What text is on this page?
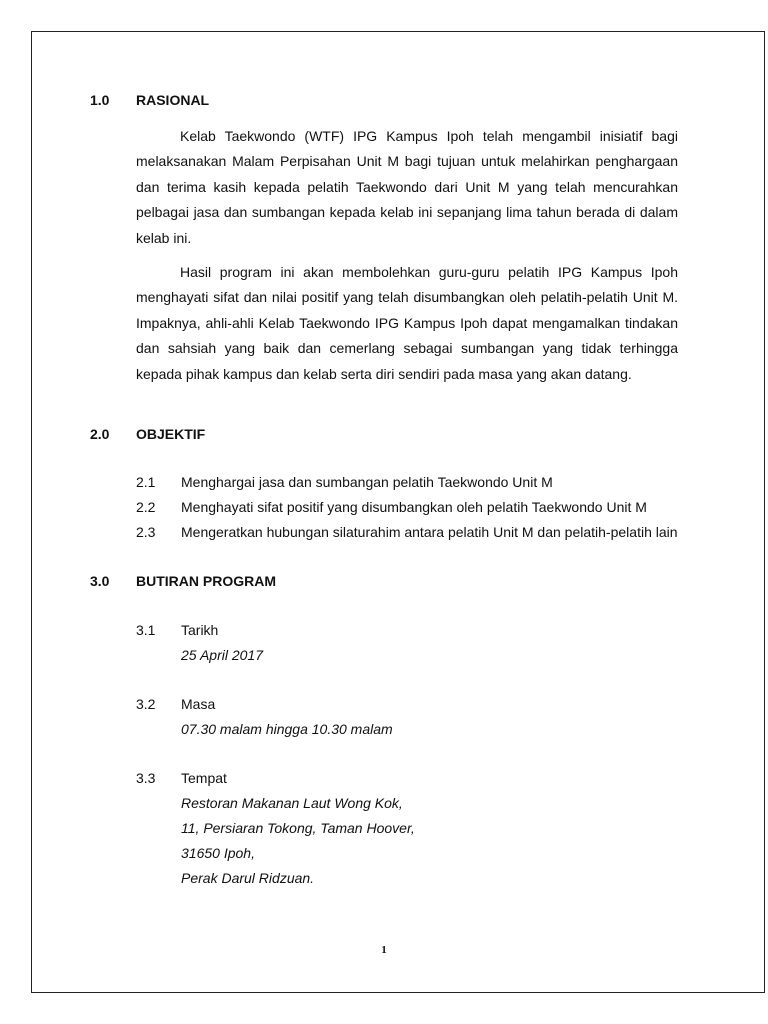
1.0 RASIONAL

Kelab Taekwondo (WTF) IPG Kampus Ipoh telah mengambil inisiatif bagi melaksanakan Malam Perpisahan Unit M bagi tujuan untuk melahirkan penghargaan dan terima kasih kepada pelatih Taekwondo dari Unit M yang telah mencurahkan pelbagai jasa dan sumbangan kepada kelab ini sepanjang lima tahun berada di dalam kelab ini.

Hasil program ini akan membolehkan guru-guru pelatih IPG Kampus Ipoh menghayati sifat dan nilai positif yang telah disumbangkan oleh pelatih-pelatih Unit M. Impaknya, ahli-ahli Kelab Taekwondo IPG Kampus Ipoh dapat mengamalkan tindakan dan sahsiah yang baik dan cemerlang sebagai sumbangan yang tidak terhingga kepada pihak kampus dan kelab serta diri sendiri pada masa yang akan datang.

2.0 OBJEKTIF
2.1 Menghargai jasa dan sumbangan pelatih Taekwondo Unit M
2.2 Menghayati sifat positif yang disumbangkan oleh pelatih Taekwondo Unit M
2.3 Mengeratkan hubungan silaturahim antara pelatih Unit M dan pelatih-pelatih lain
3.0 BUTIRAN PROGRAM
3.1 Tarikh
25 April 2017
3.2 Masa
07.30 malam hingga 10.30 malam
3.3 Tempat
Restoran Makanan Laut Wong Kok,
11, Persiaran Tokong, Taman Hoover,
31650 Ipoh,
Perak Darul Ridzuan.
1
